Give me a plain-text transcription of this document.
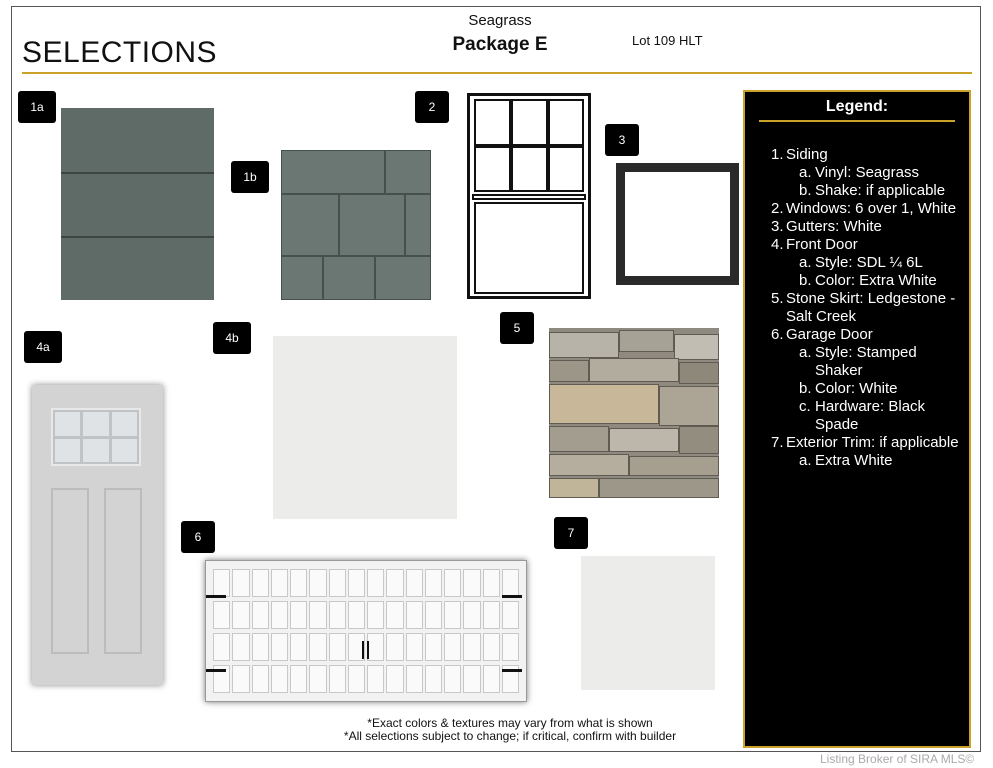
SELECTIONS
Seagrass
Package E	Lot 109 HLT
1a
1b
2
3
4a
4b
5
6	7
Legend:
1. Siding
a. Vinyl: Seagrass
b. Shake: if applicable
2. Windows: 6 over 1, White
3. Gutters: White
4. Front Door
a. Style: SDL ¼ 6L
b. Color: Extra White
5. Stone Skirt: Ledgestone - Salt Creek
6. Garage Door
a. Style: Stamped Shaker
b. Color: White
c. Hardware: Black Spade
7. Exterior Trim: if applicable
a. Extra White
*Exact colors & textures may vary from what is shown
*All selections subject to change; if critical, confirm with builder
Listing Broker of SIRA MLS©
